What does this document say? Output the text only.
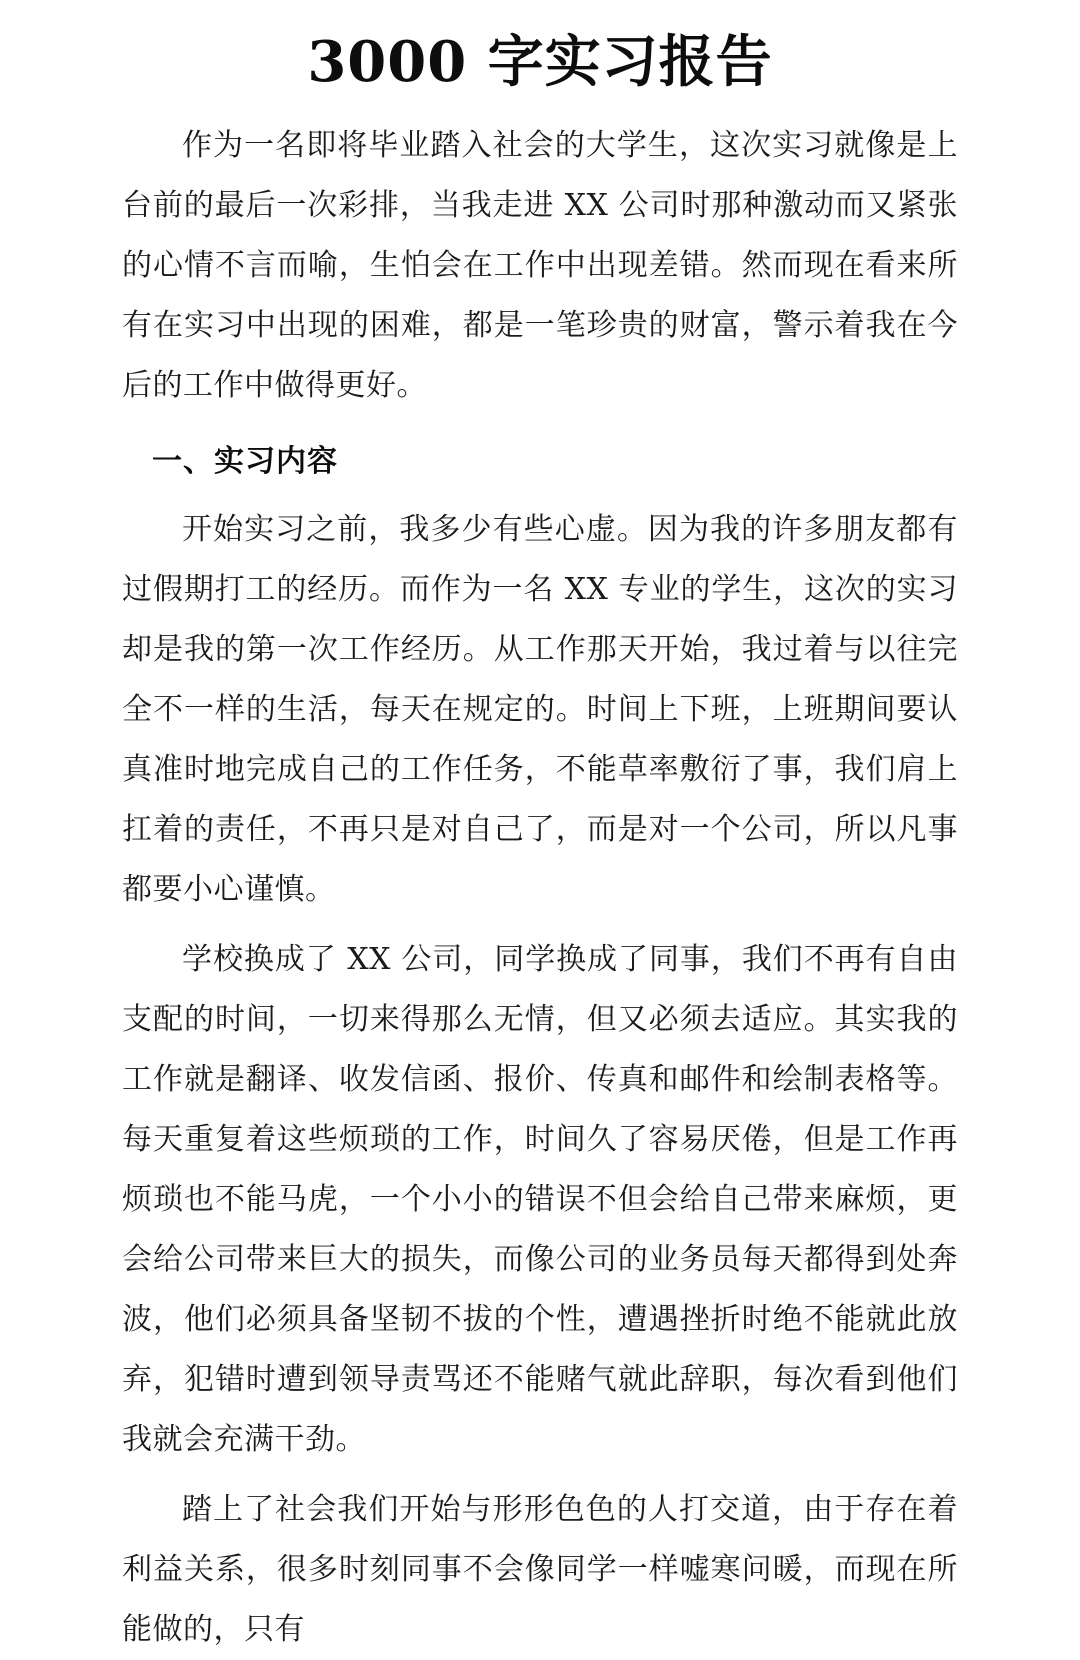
3000 字实习报告

作为一名即将毕业踏入社会的大学生，这次实习就像是上台前的最后一次彩排，当我走进 XX 公司时那种激动而又紧张的心情不言而喻，生怕会在工作中出现差错。然而现在看来所有在实习中出现的困难，都是一笔珍贵的财富，警示着我在今后的工作中做得更好。

一、实习内容

开始实习之前，我多少有些心虚。因为我的许多朋友都有过假期打工的经历。而作为一名 XX 专业的学生，这次的实习却是我的第一次工作经历。从工作那天开始，我过着与以往完全不一样的生活，每天在规定的。时间上下班，上班期间要认真准时地完成自己的工作任务，不能草率敷衍了事，我们肩上扛着的责任，不再只是对自己了，而是对一个公司，所以凡事都要小心谨慎。

学校换成了 XX 公司，同学换成了同事，我们不再有自由支配的时间，一切来得那么无情，但又必须去适应。其实我的工作就是翻译、收发信函、报价、传真和邮件和绘制表格等。每天重复着这些烦琐的工作，时间久了容易厌倦，但是工作再烦琐也不能马虎，一个小小的错误不但会给自己带来麻烦，更会给公司带来巨大的损失，而像公司的业务员每天都得到处奔波，他们必须具备坚韧不拔的个性，遭遇挫折时绝不能就此放弃，犯错时遭到领导责骂还不能赌气就此辞职，每次看到他们我就会充满干劲。

踏上了社会我们开始与形形色色的人打交道，由于存在着利益关系，很多时刻同事不会像同学一样嘘寒问暖，而现在所能做的，只有
